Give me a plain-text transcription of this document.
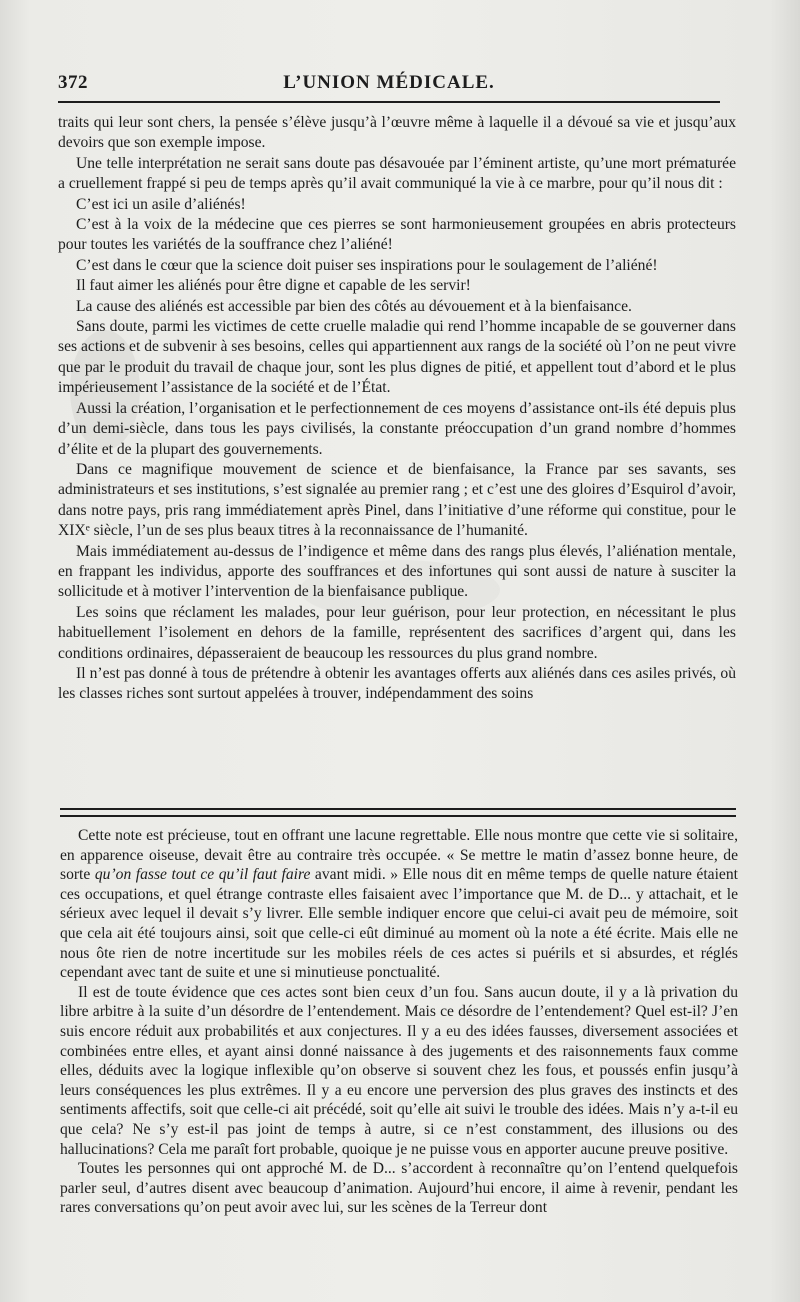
372	L’UNION MÉDICALE.

traits qui leur sont chers, la pensée s’élève jusqu’à l’œuvre même à laquelle il a dévoué sa vie et jusqu’aux devoirs que son exemple impose.

Une telle interprétation ne serait sans doute pas désavouée par l’éminent artiste, qu’une mort prématurée a cruellement frappé si peu de temps après qu’il avait communiqué la vie à ce marbre, pour qu’il nous dit :

C’est ici un asile d’aliénés!

C’est à la voix de la médecine que ces pierres se sont harmonieusement groupées en abris protecteurs pour toutes les variétés de la souffrance chez l’aliéné!

C’est dans le cœur que la science doit puiser ses inspirations pour le soulagement de l’aliéné!

Il faut aimer les aliénés pour être digne et capable de les servir!

La cause des aliénés est accessible par bien des côtés au dévouement et à la bienfaisance.

Sans doute, parmi les victimes de cette cruelle maladie qui rend l’homme incapable de se gouverner dans ses actions et de subvenir à ses besoins, celles qui appartiennent aux rangs de la société où l’on ne peut vivre que par le produit du travail de chaque jour, sont les plus dignes de pitié, et appellent tout d’abord et le plus impérieusement l’assistance de la société et de l’État.

Aussi la création, l’organisation et le perfectionnement de ces moyens d’assistance ont-ils été depuis plus d’un demi-siècle, dans tous les pays civilisés, la constante préoccupation d’un grand nombre d’hommes d’élite et de la plupart des gouvernements.

Dans ce magnifique mouvement de science et de bienfaisance, la France par ses savants, ses administrateurs et ses institutions, s’est signalée au premier rang ; et c’est une des gloires d’Esquirol d’avoir, dans notre pays, pris rang immédiatement après Pinel, dans l’initiative d’une réforme qui constitue, pour le XIXᵉ siècle, l’un de ses plus beaux titres à la reconnaissance de l’humanité.

Mais immédiatement au-dessus de l’indigence et même dans des rangs plus élevés, l’aliénation mentale, en frappant les individus, apporte des souffrances et des infortunes qui sont aussi de nature à susciter la sollicitude et à motiver l’intervention de la bienfaisance publique.

Les soins que réclament les malades, pour leur guérison, pour leur protection, en nécessitant le plus habituellement l’isolement en dehors de la famille, représentent des sacrifices d’argent qui, dans les conditions ordinaires, dépasseraient de beaucoup les ressources du plus grand nombre.

Il n’est pas donné à tous de prétendre à obtenir les avantages offerts aux aliénés dans ces asiles privés, où les classes riches sont surtout appelées à trouver, indépendamment des soins

Cette note est précieuse, tout en offrant une lacune regrettable. Elle nous montre que cette vie si solitaire, en apparence oiseuse, devait être au contraire très occupée. « Se mettre le matin d’assez bonne heure, de sorte qu’on fasse tout ce qu’il faut faire avant midi. » Elle nous dit en même temps de quelle nature étaient ces occupations, et quel étrange contraste elles faisaient avec l’importance que M. de D... y attachait, et le sérieux avec lequel il devait s’y livrer. Elle semble indiquer encore que celui-ci avait peu de mémoire, soit que cela ait été toujours ainsi, soit que celle-ci eût diminué au moment où la note a été écrite. Mais elle ne nous ôte rien de notre incertitude sur les mobiles réels de ces actes si puérils et si absurdes, et réglés cependant avec tant de suite et une si minutieuse ponctualité.

Il est de toute évidence que ces actes sont bien ceux d’un fou. Sans aucun doute, il y a là privation du libre arbitre à la suite d’un désordre de l’entendement. Mais ce désordre de l’entendement? Quel est-il? J’en suis encore réduit aux probabilités et aux conjectures. Il y a eu des idées fausses, diversement associées et combinées entre elles, et ayant ainsi donné naissance à des jugements et des raisonnements faux comme elles, déduits avec la logique inflexible qu’on observe si souvent chez les fous, et poussés enfin jusqu’à leurs conséquences les plus extrêmes. Il y a eu encore une perversion des plus graves des instincts et des sentiments affectifs, soit que celle-ci ait précédé, soit qu’elle ait suivi le trouble des idées. Mais n’y a-t-il eu que cela? Ne s’y est-il pas joint de temps à autre, si ce n’est constamment, des illusions ou des hallucinations? Cela me paraît fort probable, quoique je ne puisse vous en apporter aucune preuve positive.

Toutes les personnes qui ont approché M. de D... s’accordent à reconnaître qu’on l’entend quelquefois parler seul, d’autres disent avec beaucoup d’animation. Aujourd’hui encore, il aime à revenir, pendant les rares conversations qu’on peut avoir avec lui, sur les scènes de la Terreur dont
